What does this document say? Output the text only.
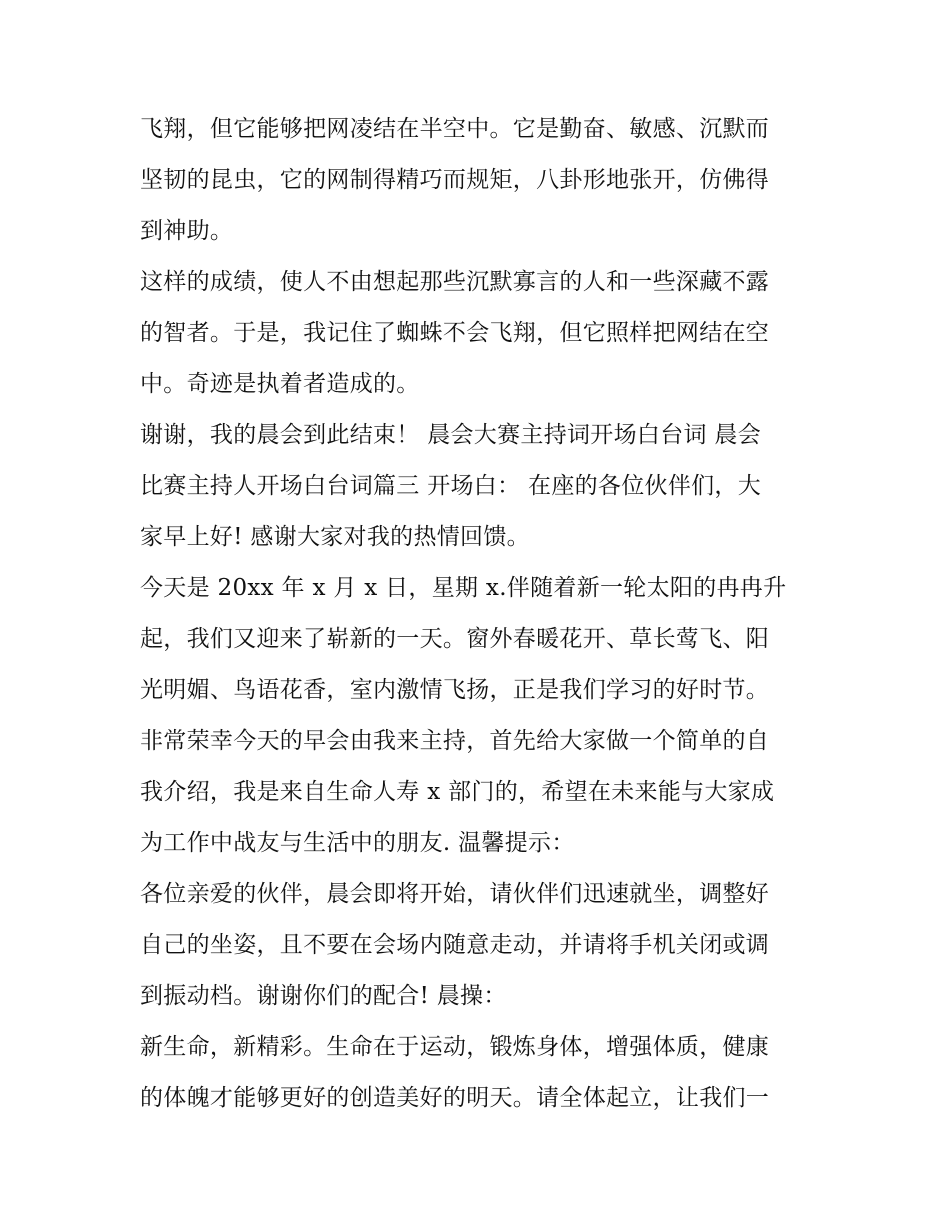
飞翔，但它能够把网凌结在半空中。它是勤奋、敏感、沉默而
坚韧的昆虫，它的网制得精巧而规矩，八卦形地张开，仿佛得
到神助。
这样的成绩，使人不由想起那些沉默寡言的人和一些深藏不露
的智者。于是，我记住了蜘蛛不会飞翔，但它照样把网结在空
中。奇迹是执着者造成的。
谢谢，我的晨会到此结束！ 晨会大赛主持词开场白台词 晨会
比赛主持人开场白台词篇三 开场白： 在座的各位伙伴们，大
家早上好! 感谢大家对我的热情回馈。
今天是 20xx 年 x 月 x 日，星期 x.伴随着新一轮太阳的冉冉升
起，我们又迎来了崭新的一天。窗外春暖花开、草长莺飞、阳
光明媚、鸟语花香，室内激情飞扬，正是我们学习的好时节。
非常荣幸今天的早会由我来主持，首先给大家做一个简单的自
我介绍，我是来自生命人寿 x 部门的，希望在未来能与大家成
为工作中战友与生活中的朋友. 温馨提示：
各位亲爱的伙伴，晨会即将开始，请伙伴们迅速就坐，调整好
自己的坐姿，且不要在会场内随意走动，并请将手机关闭或调
到振动档。谢谢你们的配合! 晨操：
新生命，新精彩。生命在于运动，锻炼身体，增强体质，健康
的体魄才能够更好的创造美好的明天。请全体起立，让我们一
